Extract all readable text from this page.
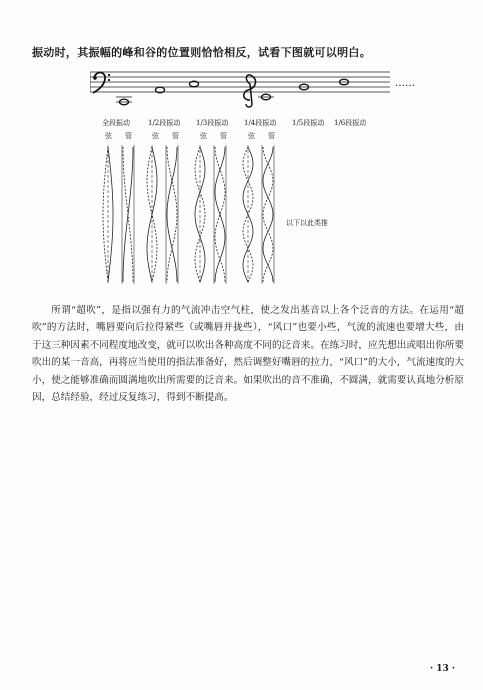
振动时，其振幅的峰和谷的位置则恰恰相反，试看下图就可以明白。
……
全段振动	1/2段振动 1/3段振动 1/4段振动 1/5段振动 1/6段振动
弦 管	弦 管	弦 管	弦 管
以下以此类推

所谓“超吹”，是指以强有力的气流冲击空气柱，使之发出基音以上各个泛音的方法。在运用“超吹”的方法时，嘴唇要向后拉得紧些（或嘴唇并拢些），“风口”也要小些，气流的流速也要增大些，由于这三种因素不同程度地改变，就可以吹出各种高度不同的泛音来。在练习时，应先想出或唱出你所要吹出的某一音高，再将应当使用的指法准备好，然后调整好嘴唇的拉力，“风口”的大小，气流速度的大小，使之能够准确而圆满地吹出所需要的泛音来。如果吹出的音不准确，不圆满，就需要认真地分析原因，总结经验，经过反复练习，得到不断提高。

· 13 ·
